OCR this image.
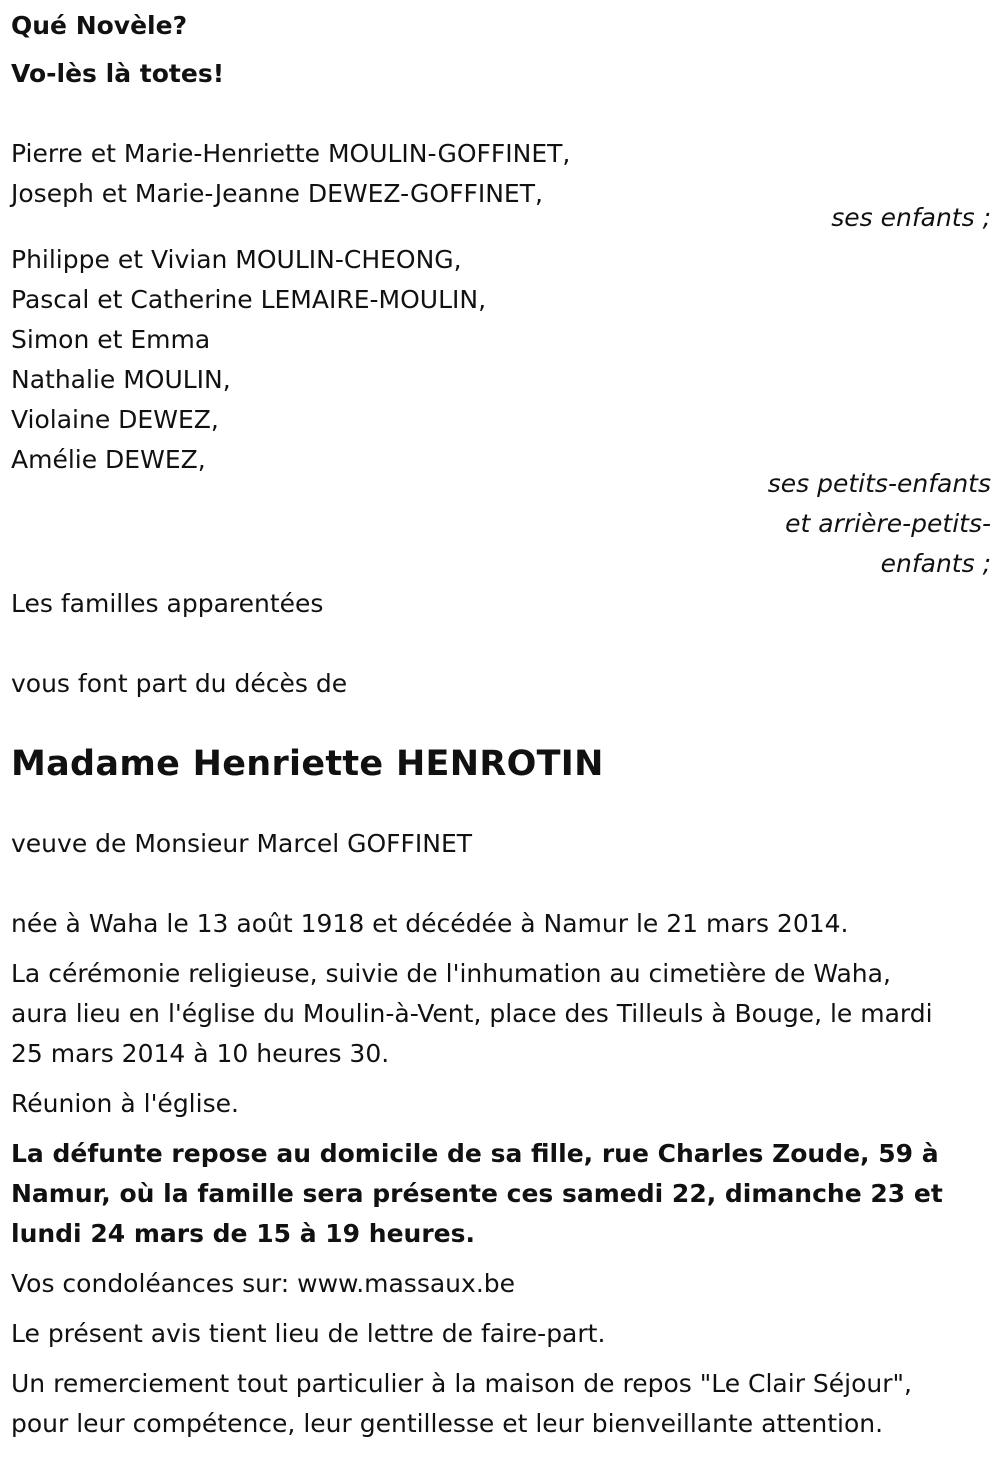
Qué Novèle?
Vo-lès là totes!
Pierre et Marie-Henriette MOULIN-GOFFINET,
Joseph et Marie-Jeanne DEWEZ-GOFFINET,
ses enfants ;
Philippe et Vivian MOULIN-CHEONG,
Pascal et Catherine LEMAIRE-MOULIN,
Simon et Emma
Nathalie MOULIN,
Violaine DEWEZ,
Amélie DEWEZ,
ses petits-enfants
et arrière-petits-
enfants ;
Les familles apparentées
vous font part du décès de
Madame Henriette HENROTIN
veuve de Monsieur Marcel GOFFINET
née à Waha le 13 août 1918 et décédée à Namur le 21 mars 2014.
La cérémonie religieuse, suivie de l'inhumation au cimetière de Waha,
aura lieu en l'église du Moulin-à-Vent, place des Tilleuls à Bouge, le mardi
25 mars 2014 à 10 heures 30.
Réunion à l'église.
La défunte repose au domicile de sa fille, rue Charles Zoude, 59 à
Namur, où la famille sera présente ces samedi 22, dimanche 23 et
lundi 24 mars de 15 à 19 heures.
Vos condoléances sur: www.massaux.be
Le présent avis tient lieu de lettre de faire-part.
Un remerciement tout particulier à la maison de repos "Le Clair Séjour",
pour leur compétence, leur gentillesse et leur bienveillante attention.
